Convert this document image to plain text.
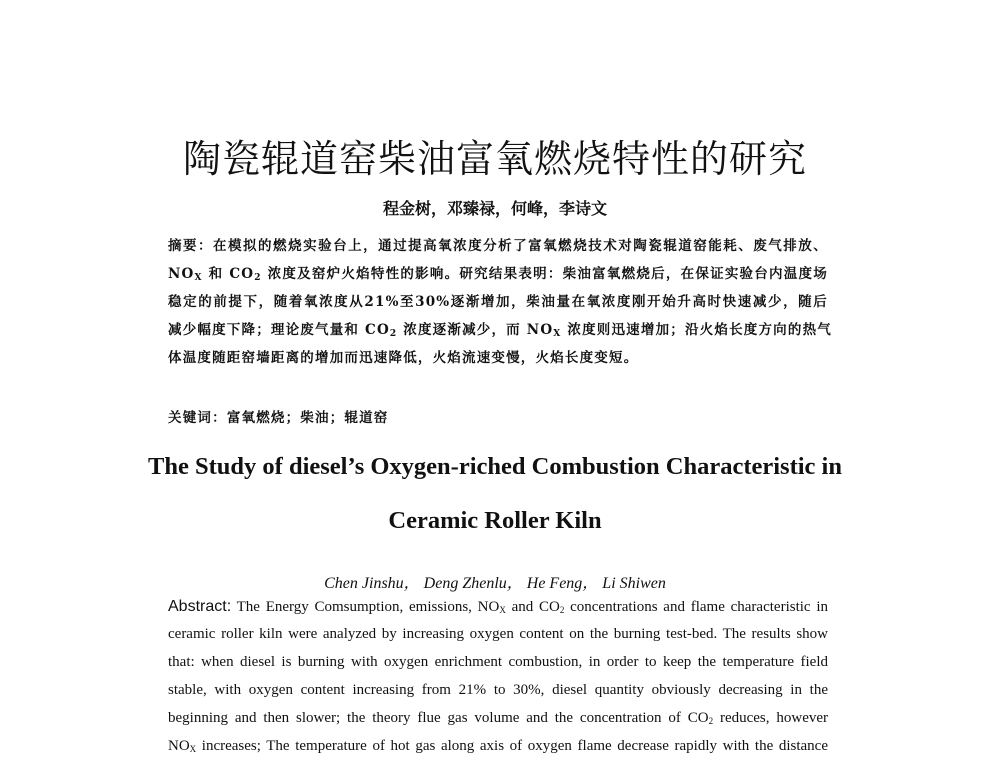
陶瓷辊道窑柴油富氧燃烧特性的研究
程金树，邓臻禄，何峰，李诗文
摘要：在模拟的燃烧实验台上，通过提高氧浓度分析了富氧燃烧技术对陶瓷辊道窑能耗、废气排放、
$NO_X$ 和 $CO_2$ 浓度及窑炉火焰特性的影响。研究结果表明：柴油富氧燃烧后，在保证实验台内温度场
稳定的前提下，随着氧浓度从21%至30%逐渐增加，柴油量在氧浓度刚开始升高时快速减少，随后
减少幅度下降；理论废气量和 $CO_2$ 浓度逐渐减少，而 $NO_X$ 浓度则迅速增加；沿火焰长度方向的热气
体温度随距窑墙距离的增加而迅速降低，火焰流速变慢，火焰长度变短。
关键词：富氧燃烧；柴油；辊道窑
The Study of diesel’s Oxygen-riched Combustion Characteristic in
Ceramic Roller Kiln
Chen Jinshu， Deng Zhenlu， He Feng， Li Shiwen
Abstract: The Energy Comsumption, emissions, $NO_X$ and $CO_2$ concentrations and flame characteristic in
ceramic roller kiln were analyzed by increasing oxygen content on the burning test-bed. The results show
that: when diesel is burning with oxygen enrichment combustion, in order to keep the temperature field
stable, with oxygen content increasing from 21% to 30%, diesel quantity obviously decreasing in the
beginning and then slower; the theory flue gas volume and the concentration of $CO_2$ reduces, however
$NO_X$ increases; The temperature of hot gas along axis of oxygen flame decrease rapidly with the distance
